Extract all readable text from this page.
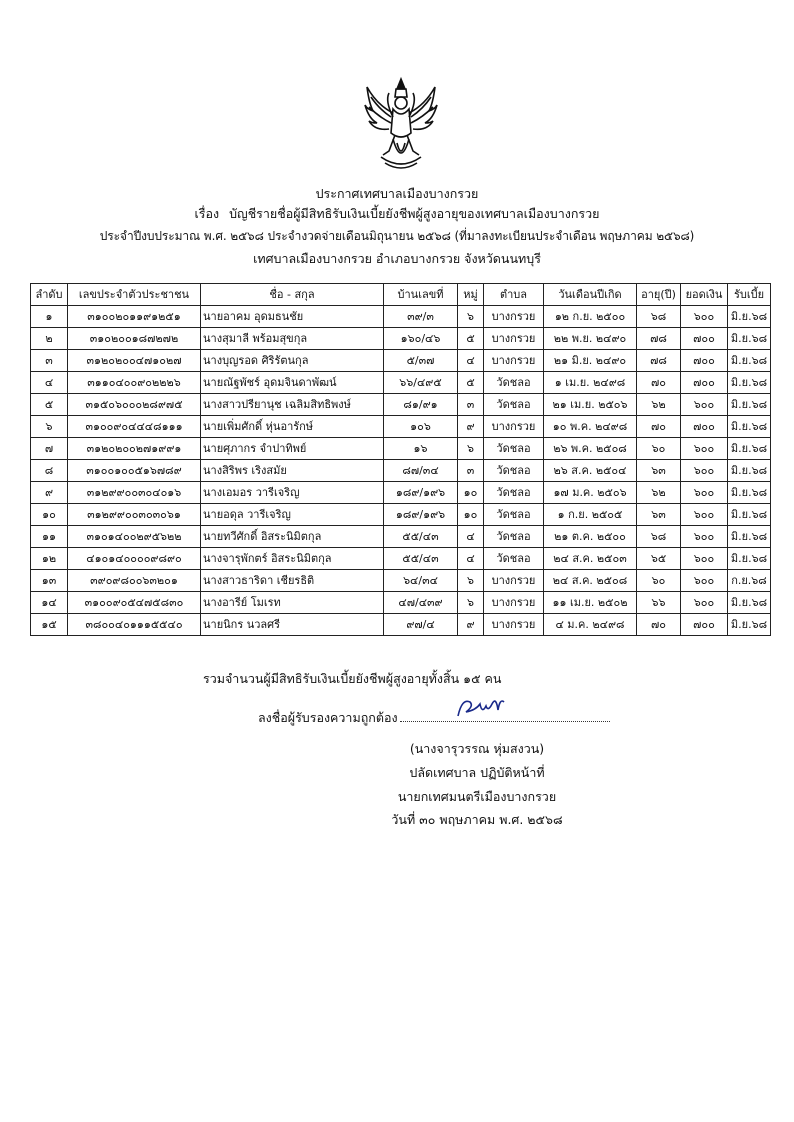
ประกาศเทศบาลเมืองบางกรวย
เรื่อง บัญชีรายชื่อผู้มีสิทธิรับเงินเบี้ยยังชีพผู้สูงอายุของเทศบาลเมืองบางกรวย
ประจำปีงบประมาณ พ.ศ. ๒๕๖๘ ประจำงวดจ่ายเดือนมิถุนายน ๒๕๖๘ (ที่มาลงทะเบียนประจำเดือน พฤษภาคม ๒๕๖๘)
เทศบาลเมืองบางกรวย อำเภอบางกรวย จังหวัดนนทบุรี
ลำดับ	เลขประจำตัวประชาชน	ชื่อ - สกุล	บ้านเลขที่	หมู่	ตำบล	วันเดือนปีเกิด	อายุ(ปี)	ยอดเงิน	รับเบี้ย
๑	๓๑๐๐๒๐๑๑๙๑๒๕๑	นายอาคม อุดมธนชัย	๓๙/๓	๖	บางกรวย	๑๒ ก.ย. ๒๕๐๐	๖๘	๖๐๐	มิ.ย.๖๘
๒	๓๑๐๒๐๐๑๘๗๒๗๒	นางสุมาลี พร้อมสุขกุล	๑๖๐/๔๖	๕	บางกรวย	๒๒ พ.ย. ๒๔๙๐	๗๘	๗๐๐	มิ.ย.๖๘
๓	๓๑๒๐๒๐๐๔๗๑๐๒๗	นางบุญรอด ศิริรัตนกุล	๕/๓๗	๔	บางกรวย	๒๑ มิ.ย. ๒๔๙๐	๗๘	๗๐๐	มิ.ย.๖๘
๔	๓๑๑๐๔๐๐๙๐๒๒๒๖	นายณัฐพัชร์ อุดมจินดาพัฒน์	๖๖/๔๙๕	๕	วัดชลอ	๑ เม.ย. ๒๔๙๘	๗๐	๗๐๐	มิ.ย.๖๘
๕	๓๑๕๐๖๐๐๐๒๘๙๗๕	นางสาวปรียานุช เฉลิมสิทธิพงษ์	๘๑/๙๑	๓	วัดชลอ	๒๑ เม.ย. ๒๕๐๖	๖๒	๖๐๐	มิ.ย.๖๘
๖	๓๑๐๐๙๐๔๔๔๘๑๑๑	นายเพิ่มศักดิ์ หุ่นอารักษ์	๑๐๖	๙	บางกรวย	๑๐ พ.ค. ๒๔๙๘	๗๐	๗๐๐	มิ.ย.๖๘
๗	๓๑๒๐๒๐๐๒๗๑๙๙๑	นายศุภากร จำปาทิพย์	๑๖	๖	วัดชลอ	๒๖ พ.ค. ๒๕๐๘	๖๐	๖๐๐	มิ.ย.๖๘
๘	๓๑๐๐๑๐๐๕๑๖๗๘๙	นางสิริพร เริงสมัย	๘๗/๓๔	๓	วัดชลอ	๒๖ ส.ค. ๒๕๐๔	๖๓	๖๐๐	มิ.ย.๖๘
๙	๓๑๒๙๙๐๐๓๐๔๐๑๖	นางเอมอร วารีเจริญ	๑๘๙/๑๙๖	๑๐	วัดชลอ	๑๗ ม.ค. ๒๕๐๖	๖๒	๖๐๐	มิ.ย.๖๘
๑๐	๓๑๒๙๙๐๐๓๐๓๐๖๑	นายอดุล วารีเจริญ	๑๘๙/๑๙๖	๑๐	วัดชลอ	๑ ก.ย. ๒๕๐๕	๖๓	๖๐๐	มิ.ย.๖๘
๑๑	๓๑๐๑๔๐๐๒๙๕๖๒๒	นายทวีศักดิ์ อิสระนิมิตกุล	๕๕/๔๓	๔	วัดชลอ	๒๑ ต.ค. ๒๕๐๐	๖๘	๖๐๐	มิ.ย.๖๘
๑๒	๔๑๐๑๔๐๐๐๐๙๘๙๐	นางจารุพักตร์ อิสระนิมิตกุล	๕๕/๔๓	๔	วัดชลอ	๒๔ ส.ค. ๒๕๐๓	๖๕	๖๐๐	มิ.ย.๖๘
๑๓	๓๙๐๙๘๐๐๖๓๒๐๑	นางสาวธาริดา เชียรธิติ	๖๔/๓๔	๖	บางกรวย	๒๔ ส.ค. ๒๕๐๘	๖๐	๖๐๐	ก.ย.๖๘
๑๔	๓๑๐๐๙๐๕๔๗๕๘๓๐	นางอารีย์ โมเรท	๔๗/๔๓๙	๖	บางกรวย	๑๑ เม.ย. ๒๕๐๒	๖๖	๖๐๐	มิ.ย.๖๘
๑๕	๓๘๐๐๔๐๑๑๑๕๕๔๐	นายนิกร นวลศรี	๙๗/๔	๙	บางกรวย	๔ ม.ค. ๒๔๙๘	๗๐	๗๐๐	มิ.ย.๖๘
รวมจำนวนผู้มีสิทธิรับเงินเบี้ยยังชีพผู้สูงอายุทั้งสิ้น ๑๕ คน
ลงชื่อผู้รับรองความถูกต้อง
(นางจารุวรรณ หุ่มสงวน)
ปลัดเทศบาล ปฏิบัติหน้าที่
นายกเทศมนตรีเมืองบางกรวย
วันที่ ๓๐ พฤษภาคม พ.ศ. ๒๕๖๘
